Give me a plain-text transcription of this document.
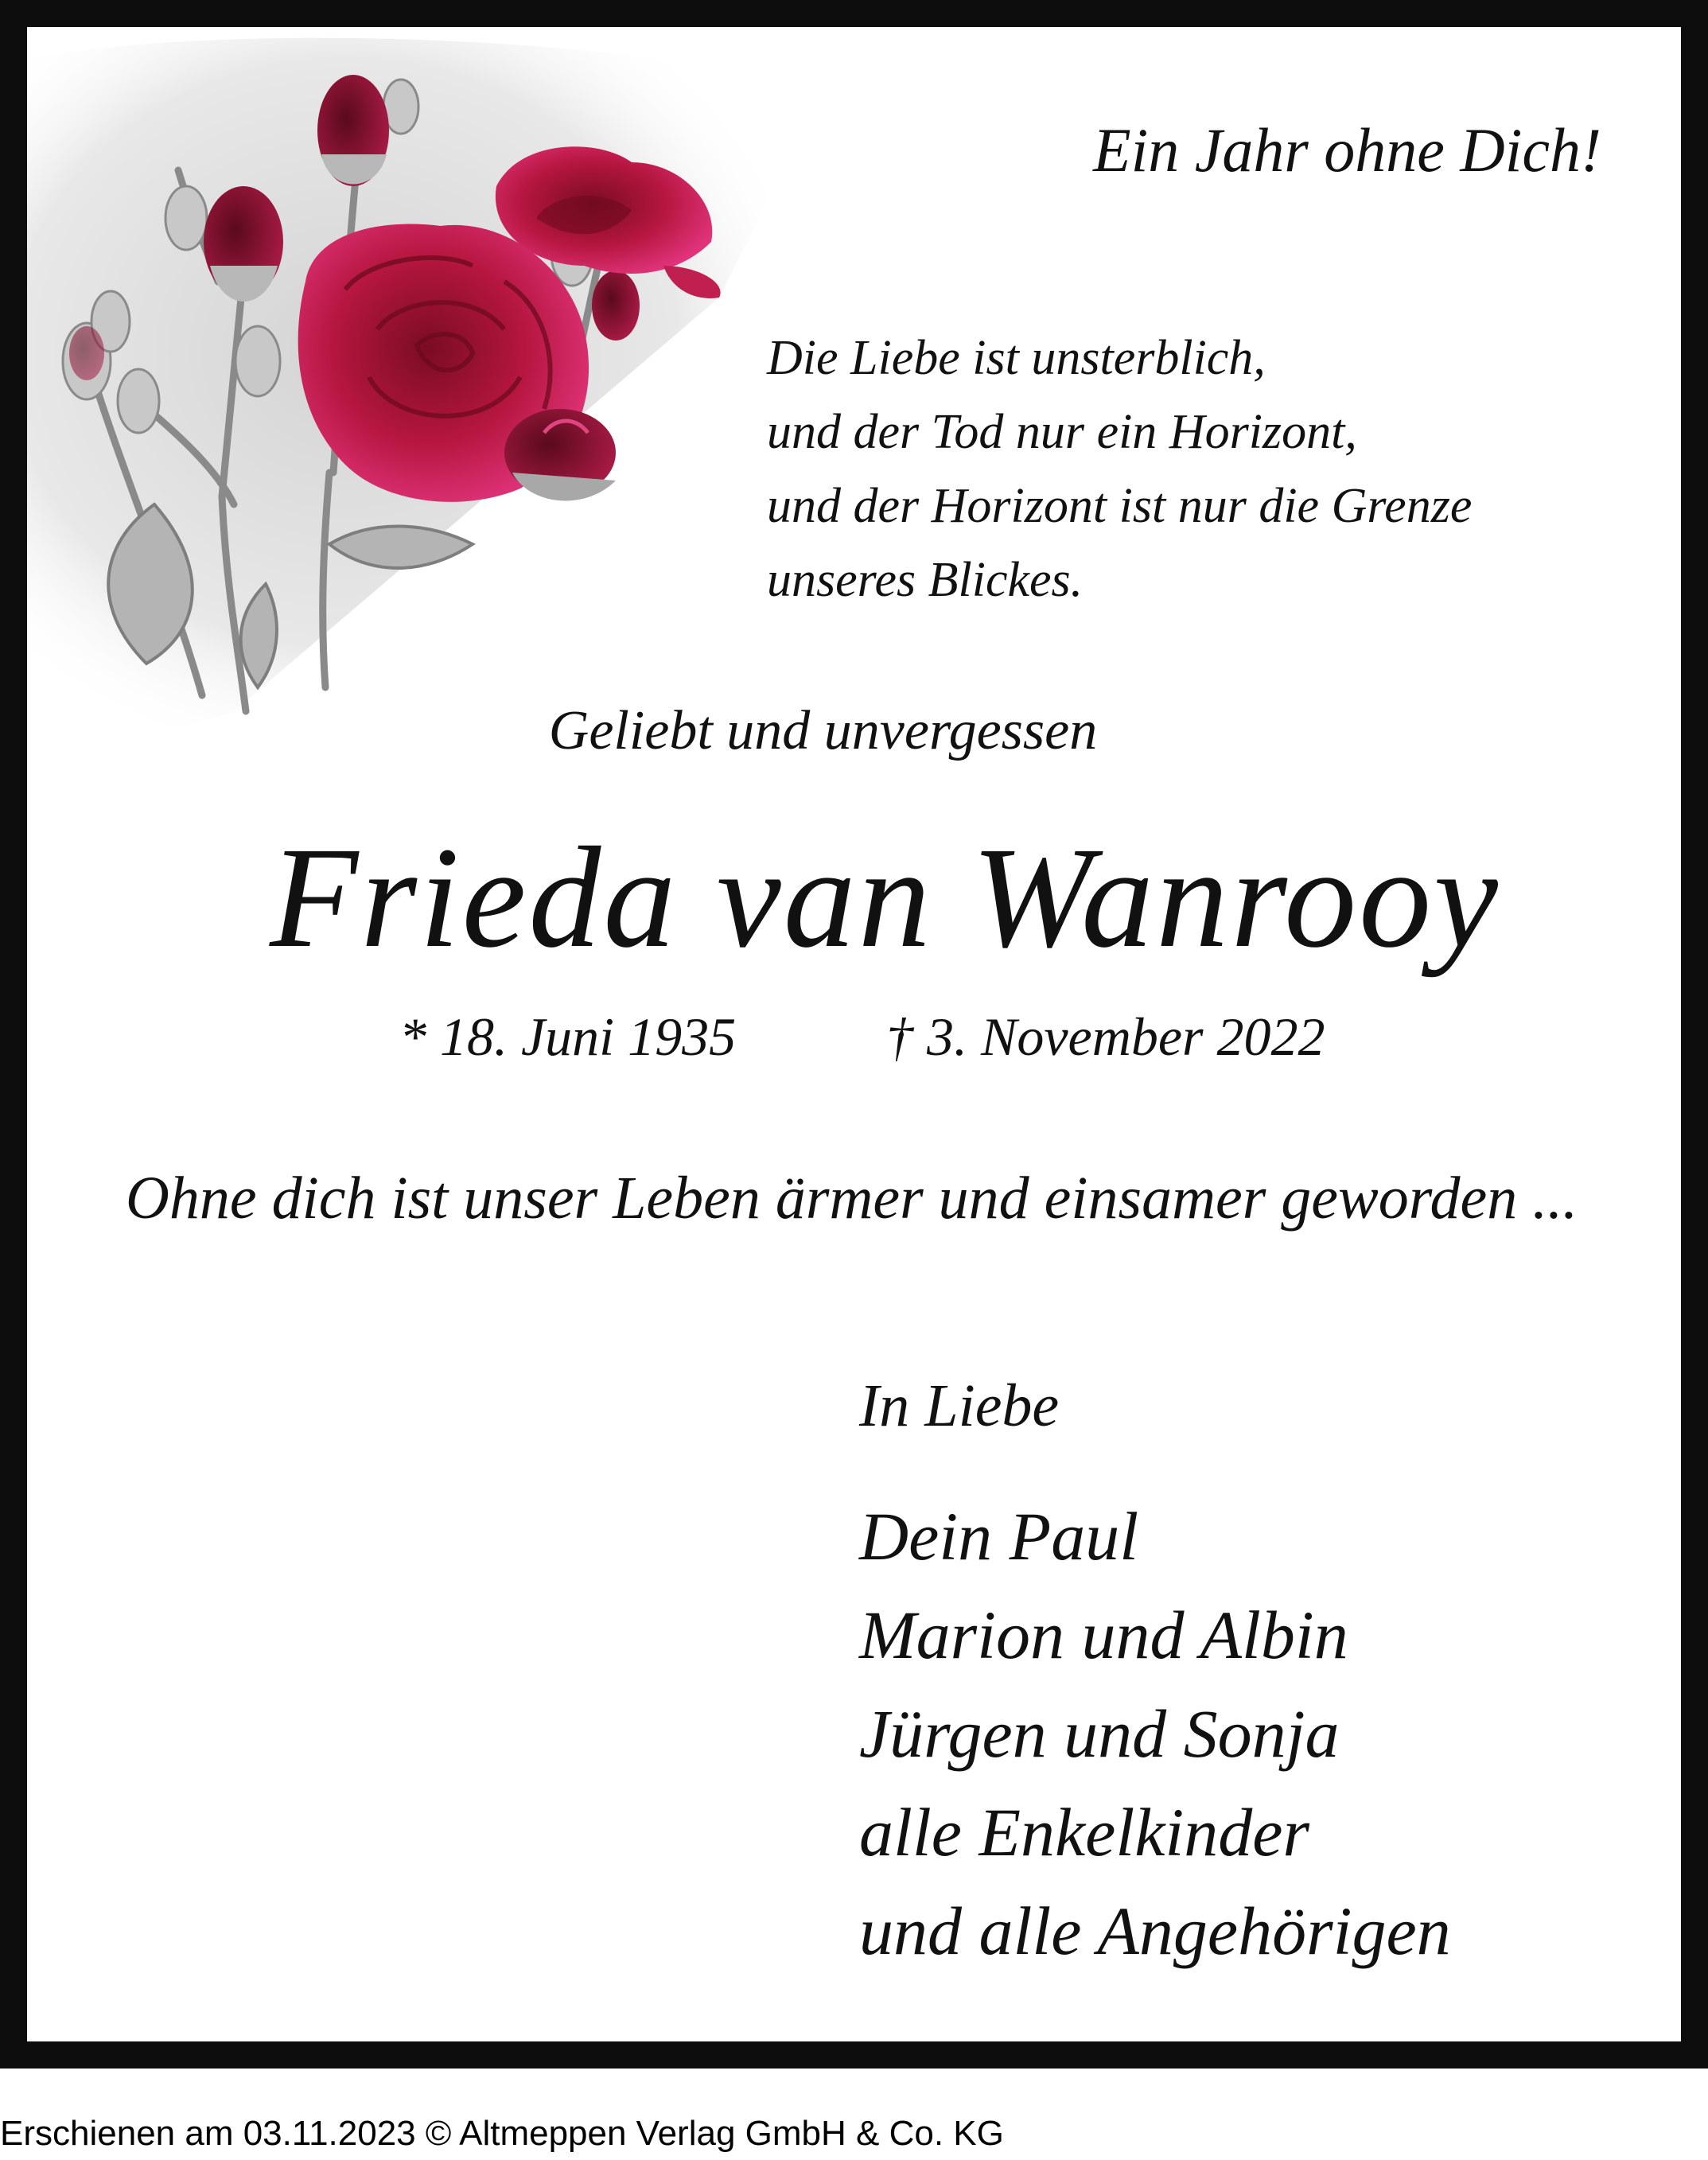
Ein Jahr ohne Dich!
Die Liebe ist unsterblich,
und der Tod nur ein Horizont,
und der Horizont ist nur die Grenze
unseres Blickes.
Geliebt und unvergessen
Frieda van Wanrooy
* 18. Juni 1935	† 3. November 2022
Ohne dich ist unser Leben ärmer und einsamer geworden ...
In Liebe
Dein Paul
Marion und Albin
Jürgen und Sonja
alle Enkelkinder
und alle Angehörigen
Erschienen am 03.11.2023 © Altmeppen Verlag GmbH & Co. KG
